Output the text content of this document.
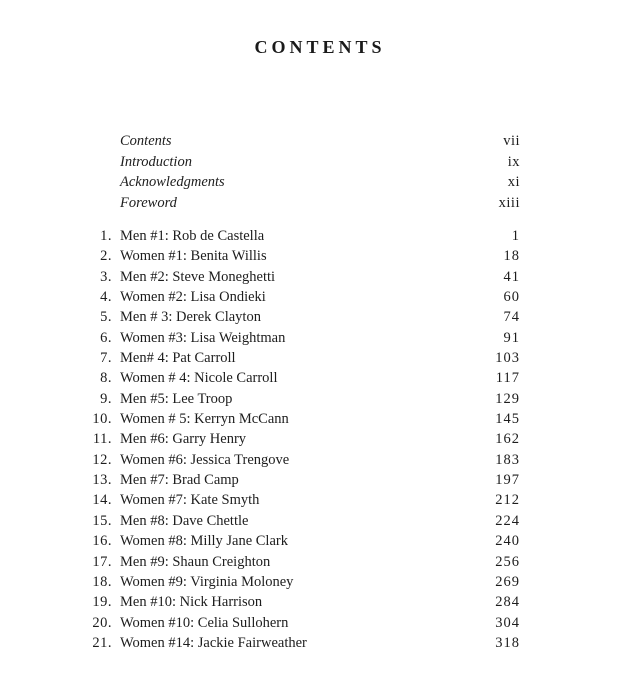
CONTENTS
Contents	vii
Introduction	ix
Acknowledgments	xi
Foreword	xiii
1. Men #1: Rob de Castella	1
2. Women #1: Benita Willis	18
3. Men #2: Steve Moneghetti	41
4. Women #2: Lisa Ondieki	60
5. Men # 3: Derek Clayton	74
6. Women #3: Lisa Weightman	91
7. Men# 4: Pat Carroll	103
8. Women # 4: Nicole Carroll	117
9. Men #5: Lee Troop	129
10. Women # 5: Kerryn McCann	145
11. Men #6: Garry Henry	162
12. Women #6: Jessica Trengove	183
13. Men #7: Brad Camp	197
14. Women #7: Kate Smyth	212
15. Men #8: Dave Chettle	224
16. Women #8: Milly Jane Clark	240
17. Men #9: Shaun Creighton	256
18. Women #9: Virginia Moloney	269
19. Men #10: Nick Harrison	284
20. Women #10: Celia Sullohern	304
21. Women #14: Jackie Fairweather	318
